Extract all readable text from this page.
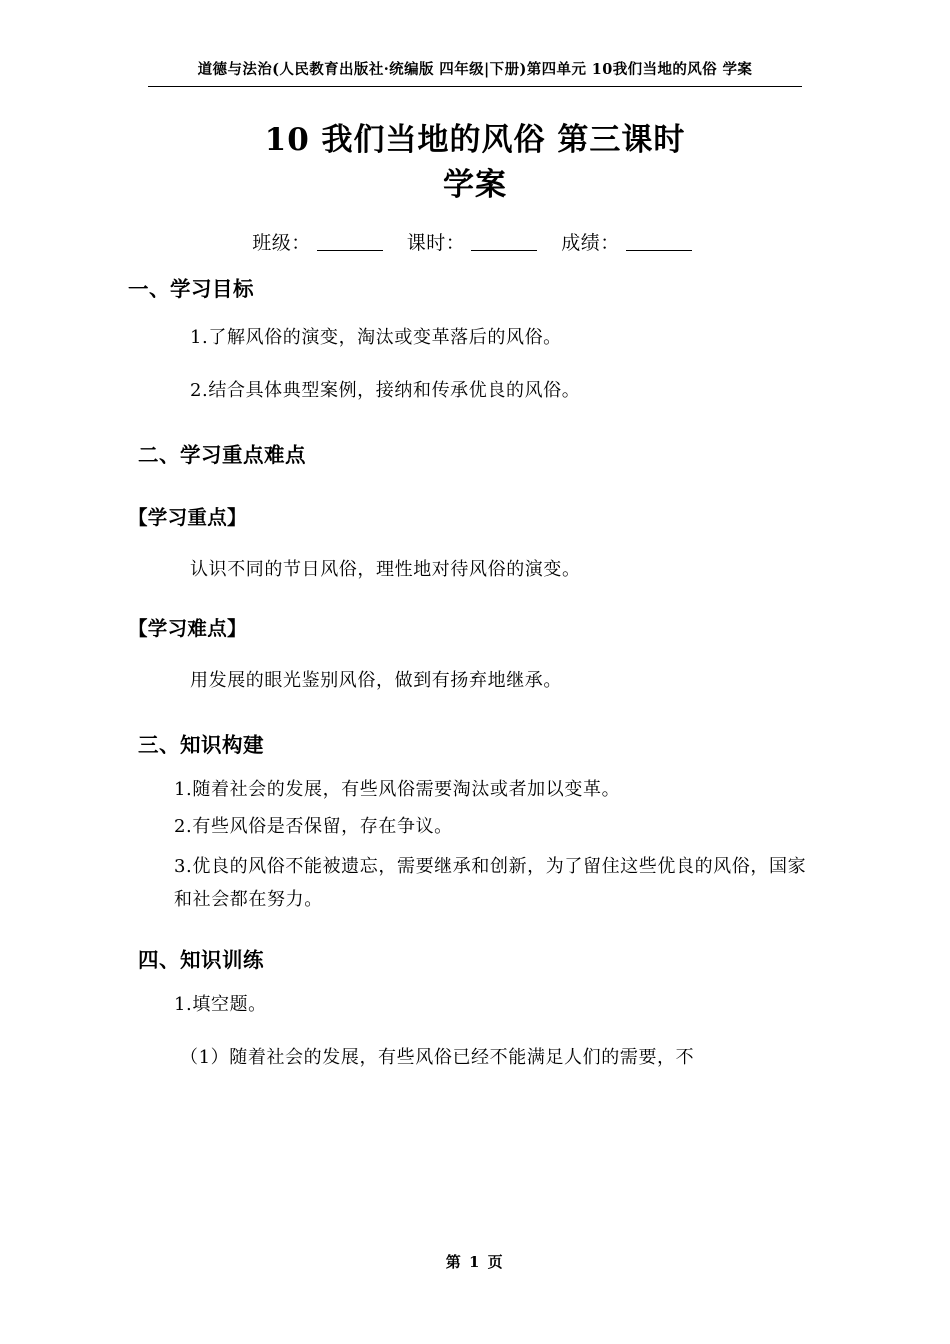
道德与法治(人民教育出版社·统编版 四年级|下册)第四单元 10我们当地的风俗 学案
10 我们当地的风俗 第三课时
学案
班级：	课时：	成绩：
一、学习目标
1.了解风俗的演变，淘汰或变革落后的风俗。
2.结合具体典型案例，接纳和传承优良的风俗。
二、学习重点难点
【学习重点】
认识不同的节日风俗，理性地对待风俗的演变。
【学习难点】
用发展的眼光鉴别风俗，做到有扬弃地继承。
三、知识构建
1.随着社会的发展，有些风俗需要淘汰或者加以变革。
2.有些风俗是否保留，存在争议。
3.优良的风俗不能被遗忘，需要继承和创新，为了留住这些优良的风俗，国家和社会都在努力。
四、知识训练
1.填空题。
（1）随着社会的发展，有些风俗已经不能满足人们的需要，不
第 1 页
